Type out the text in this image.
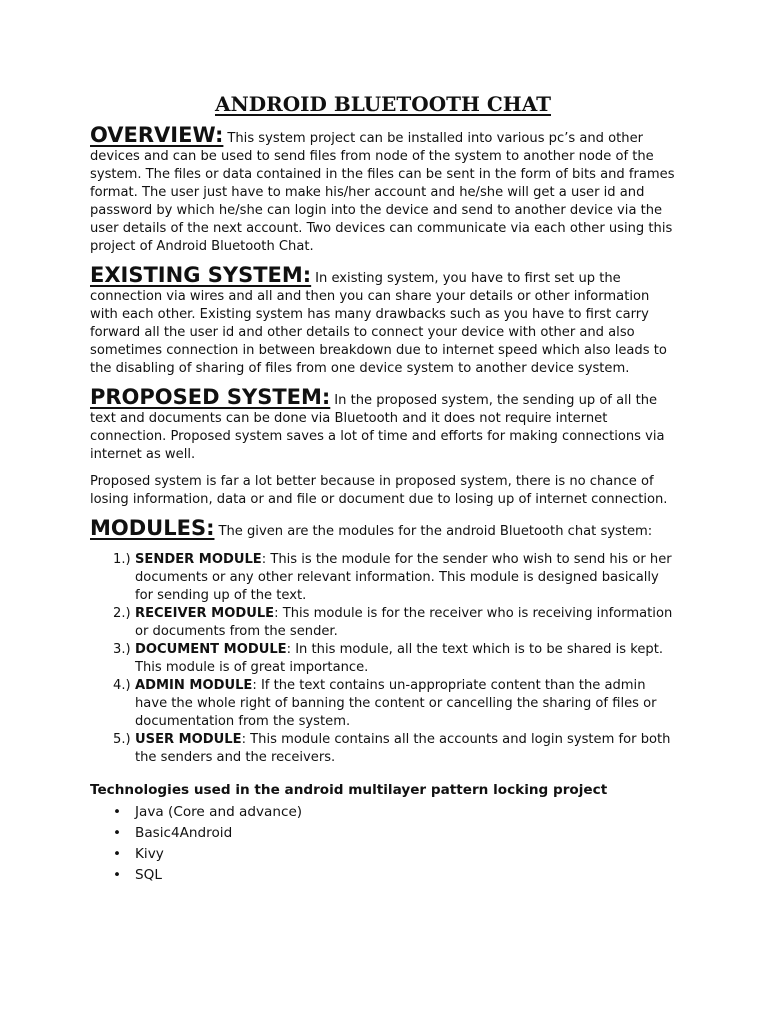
ANDROID BLUETOOTH CHAT

OVERVIEW: This system project can be installed into various pc’s and other devices and can be used to send files from node of the system to another node of the system. The files or data contained in the files can be sent in the form of bits and frames format. The user just have to make his/her account and he/she will get a user id and password by which he/she can login into the device and send to another device via the user details of the next account. Two devices can communicate via each other using this project of Android Bluetooth Chat.

EXISTING SYSTEM: In existing system, you have to first set up the connection via wires and all and then you can share your details or other information with each other. Existing system has many drawbacks such as you have to first carry forward all the user id and other details to connect your device with other and also sometimes connection in between breakdown due to internet speed which also leads to the disabling of sharing of files from one device system to another device system.

PROPOSED SYSTEM: In the proposed system, the sending up of all the text and documents can be done via Bluetooth and it does not require internet connection. Proposed system saves a lot of time and efforts for making connections via internet as well.

Proposed system is far a lot better because in proposed system, there is no chance of losing information, data or and file or document due to losing up of internet connection.

MODULES: The given are the modules for the android Bluetooth chat system:

1.) SENDER MODULE: This is the module for the sender who wish to send his or her documents or any other relevant information. This module is designed basically for sending up of the text.
2.) RECEIVER MODULE: This module is for the receiver who is receiving information or documents from the sender.
3.) DOCUMENT MODULE: In this module, all the text which is to be shared is kept. This module is of great importance.
4.) ADMIN MODULE: If the text contains un-appropriate content than the admin have the whole right of banning the content or cancelling the sharing of files or documentation from the system.
5.) USER MODULE: This module contains all the accounts and login system for both the senders and the receivers.
Technologies used in the android multilayer pattern locking project
•	Java (Core and advance)
•	Basic4Android
•	Kivy
•	SQL
